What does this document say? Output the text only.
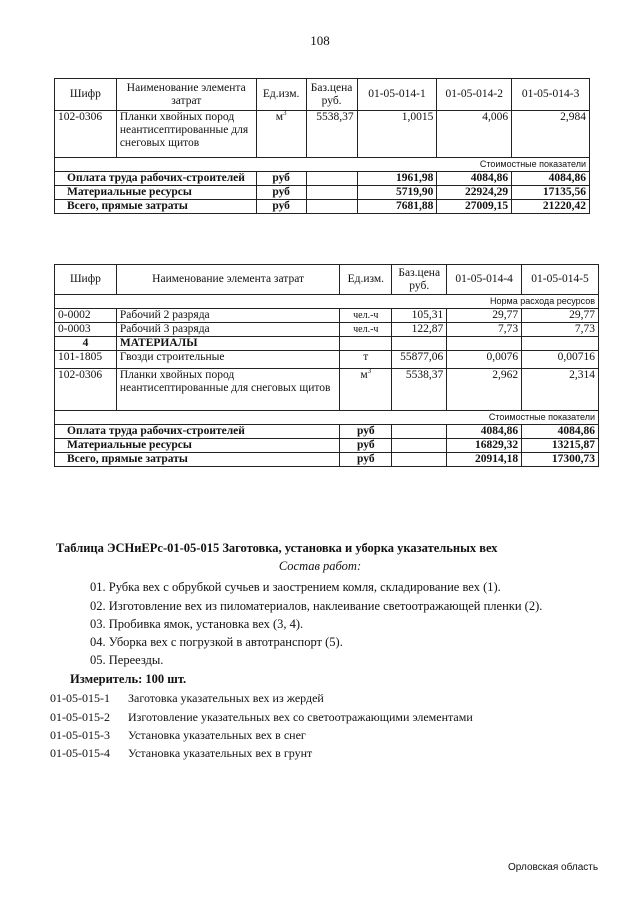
108
Шифр	Наименование элемента затрат	Ед.изм.	Баз.цена руб.	01-05-014-1	01-05-014-2	01-05-014-3
102-0306	Планки хвойных пород неантисептированные для снеговых щитов	$м^3$	5538,37	1,0015	4,006	2,984
Стоимостные показатели						
Оплата труда рабочих-строителей		руб		1961,98	4084,86	4084,86
Материальные ресурсы		руб		5719,90	22924,29	17135,56
Всего, прямые затраты		руб		7681,88	27009,15	21220,42
Шифр	Наименование элемента затрат	Ед.изм.	Баз.цена руб.	01-05-014-4	01-05-014-5
Норма расхода ресурсов					
0-0002	Рабочий 2 разряда	чел.-ч	105,31	29,77	29,77
0-0003	Рабочий 3 разряда	чел.-ч	122,87	7,73	7,73
4	МАТЕРИАЛЫ				
101-1805	Гвозди строительные	т	55877,06	0,0076	0,00716
102-0306	Планки хвойных пород неантисептированные для снеговых щитов	$м^3$	5538,37	2,962	2,314
Стоимостные показатели					
Оплата труда рабочих-строителей		руб		4084,86	4084,86
Материальные ресурсы		руб		16829,32	13215,87
Всего, прямые затраты		руб		20914,18	17300,73
Таблица ЭСНиЕРс-01-05-015 Заготовка, установка и уборка указательных вех
Состав работ:
01. Рубка вех с обрубкой сучьев и заострением комля, складирование вех (1).
02. Изготовление вех из пиломатериалов, наклеивание светоотражающей пленки (2).
03. Пробивка ямок, установка вех (3, 4).
04. Уборка вех с погрузкой в автотранспорт (5).
05. Переезды.
Измеритель: 100 шт.
01-05-015-1 Заготовка указательных вех из жердей
01-05-015-2 Изготовление указательных вех со светоотражающими элементами
01-05-015-3 Установка указательных вех в снег
01-05-015-4 Установка указательных вех в грунт
Орловская область
